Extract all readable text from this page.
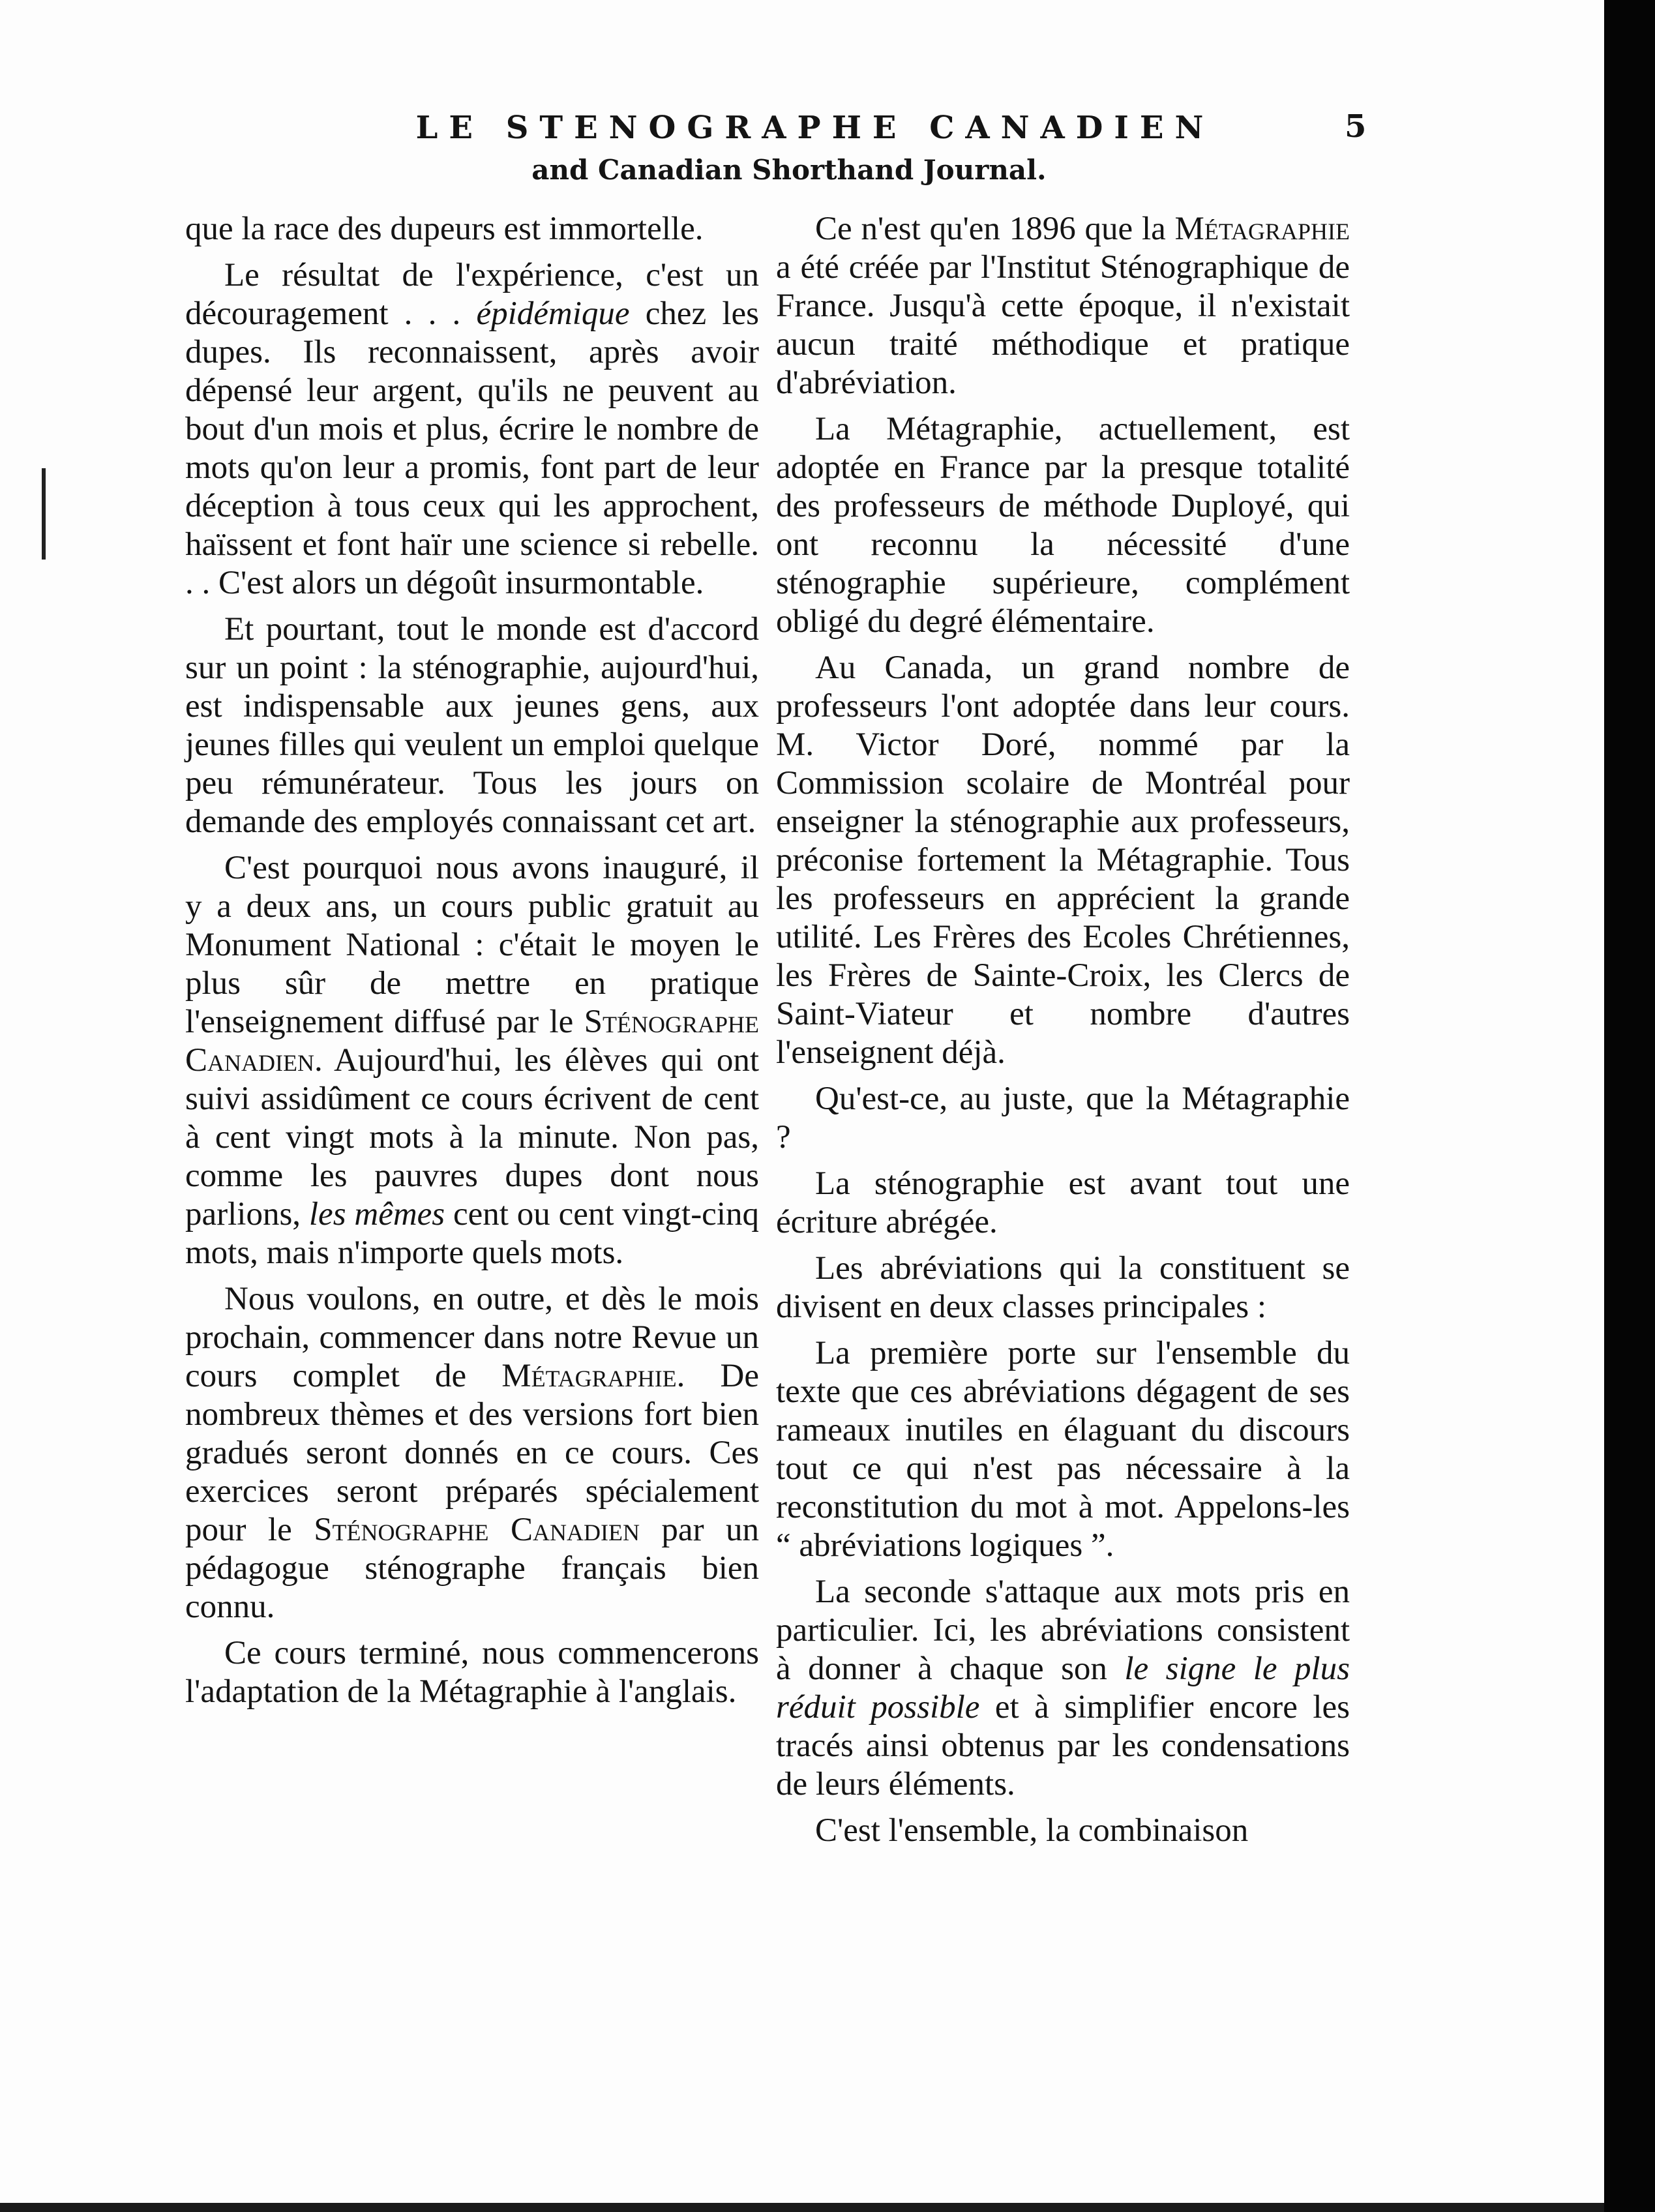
LE STENOGRAPHE CANADIEN
and Canadian Shorthand Journal.
5

que la race des dupeurs est immortelle.

Le résultat de l'expérience, c'est un découragement . . . épidémique chez les dupes. Ils reconnaissent, après avoir dépensé leur argent, qu'ils ne peuvent au bout d'un mois et plus, écrire le nombre de mots qu'on leur a promis, font part de leur déception à tous ceux qui les approchent, haïssent et font haïr une science si rebelle. . . C'est alors un dégoût insurmontable.

Et pourtant, tout le monde est d'accord sur un point : la sténographie, aujourd'hui, est indispensable aux jeunes gens, aux jeunes filles qui veulent un emploi quelque peu rémunérateur. Tous les jours on demande des employés connaissant cet art.

C'est pourquoi nous avons inauguré, il y a deux ans, un cours public gratuit au Monument National : c'était le moyen le plus sûr de mettre en pratique l'enseignement diffusé par le Sténographe Canadien. Aujourd'hui, les élèves qui ont suivi assidûment ce cours écrivent de cent à cent vingt mots à la minute. Non pas, comme les pauvres dupes dont nous parlions, les mêmes cent ou cent vingt-cinq mots, mais n'importe quels mots.

Nous voulons, en outre, et dès le mois prochain, commencer dans notre Revue un cours complet de Métagraphie. De nombreux thèmes et des versions fort bien gradués seront donnés en ce cours. Ces exercices seront préparés spécialement pour le Sténographe Canadien par un pédagogue sténographe français bien connu.

Ce cours terminé, nous commencerons l'adaptation de la Métagraphie à l'anglais.

Ce n'est qu'en 1896 que la Métagraphie a été créée par l'Institut Sténographique de France. Jusqu'à cette époque, il n'existait aucun traité méthodique et pratique d'abréviation.

La Métagraphie, actuellement, est adoptée en France par la presque totalité des professeurs de méthode Duployé, qui ont reconnu la nécessité d'une sténographie supérieure, complément obligé du degré élémentaire.

Au Canada, un grand nombre de professeurs l'ont adoptée dans leur cours. M. Victor Doré, nommé par la Commission scolaire de Montréal pour enseigner la sténographie aux professeurs, préconise fortement la Métagraphie. Tous les professeurs en apprécient la grande utilité. Les Frères des Ecoles Chrétiennes, les Frères de Sainte-Croix, les Clercs de Saint-Viateur et nombre d'autres l'enseignent déjà.

Qu'est-ce, au juste, que la Métagraphie ?

La sténographie est avant tout une écriture abrégée.

Les abréviations qui la constituent se divisent en deux classes principales :

La première porte sur l'ensemble du texte que ces abréviations dégagent de ses rameaux inutiles en élaguant du discours tout ce qui n'est pas nécessaire à la reconstitution du mot à mot. Appelons-les “ abréviations logiques ”.

La seconde s'attaque aux mots pris en particulier. Ici, les abréviations consistent à donner à chaque son le signe le plus réduit possible et à simplifier encore les tracés ainsi obtenus par les condensations de leurs éléments.

C'est l'ensemble, la combinaison
